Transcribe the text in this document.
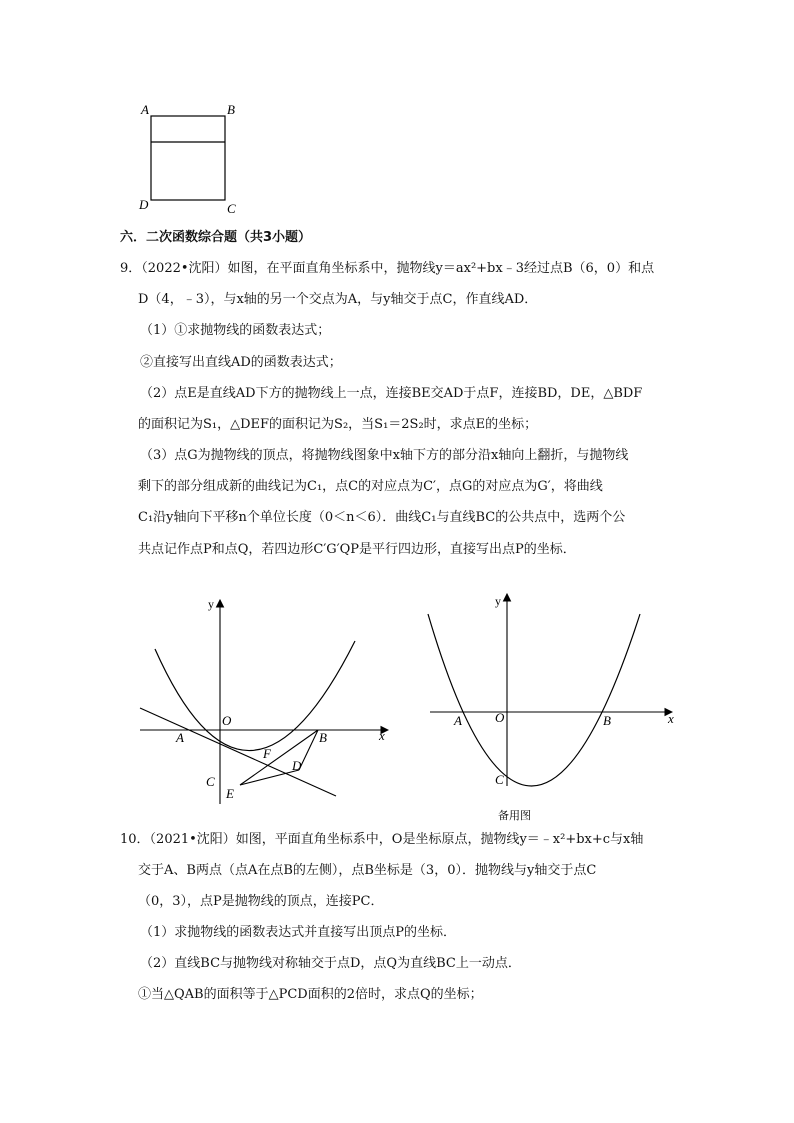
A	B
D	C
六．二次函数综合题（共3小题）
9．（2022•沈阳）如图，在平面直角坐标系中，抛物线y＝ax²+bx﹣3经过点B（6，0）和点
D（4，﹣3），与x轴的另一个交点为A，与y轴交于点C，作直线AD．
（1）①求抛物线的函数表达式；
②直接写出直线AD的函数表达式；
（2）点E是直线AD下方的抛物线上一点，连接BE交AD于点F，连接BD，DE，△BDF
的面积记为S₁，△DEF的面积记为S₂，当S₁＝2S₂时，求点E的坐标；
（3）点G为抛物线的顶点，将抛物线图象中x轴下方的部分沿x轴向上翻折，与抛物线
剩下的部分组成新的曲线记为C₁，点C的对应点为C′，点G的对应点为G′，将曲线
C₁沿y轴向下平移n个单位长度（0＜n＜6）．曲线C₁与直线BC的公共点中，选两个公
共点记作点P和点Q，若四边形C′G′QP是平行四边形，直接写出点P的坐标．
y
x
O
A	B
C
D
E
F
y
x
O
A	B
C
备用图
10．（2021•沈阳）如图，平面直角坐标系中，O是坐标原点，抛物线y＝﹣x²+bx+c与x轴
交于A、B两点（点A在点B的左侧），点B坐标是（3，0）．抛物线与y轴交于点C
（0，3），点P是抛物线的顶点，连接PC．
（1）求抛物线的函数表达式并直接写出顶点P的坐标．
（2）直线BC与抛物线对称轴交于点D，点Q为直线BC上一动点．
①当△QAB的面积等于△PCD面积的2倍时，求点Q的坐标；
